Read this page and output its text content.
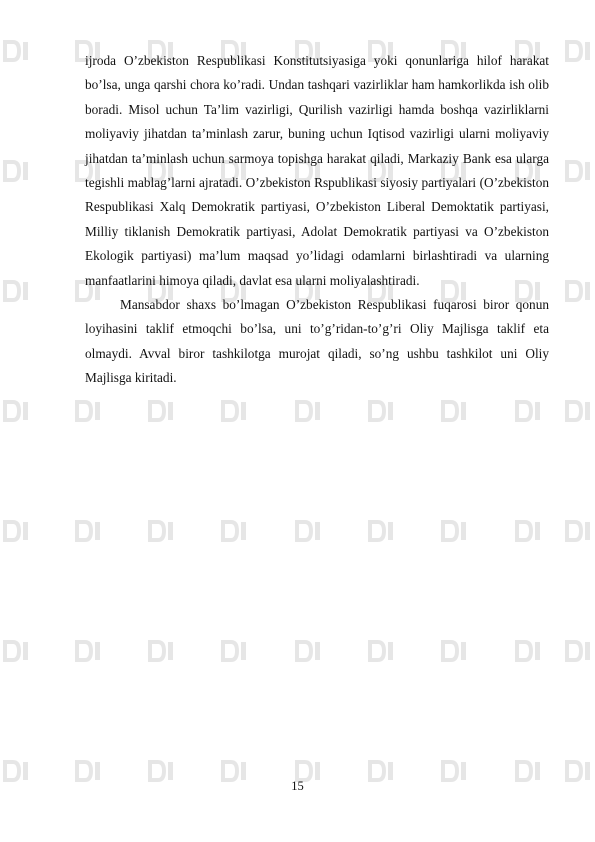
ijroda O’zbekiston Respublikasi Konstitutsiyasiga yoki qonunlariga hilof harakat bo’lsa, unga qarshi chora ko’radi. Undan tashqari vazirliklar ham hamkorlikda ish olib boradi. Misol uchun Ta’lim vazirligi, Qurilish vazirligi hamda boshqa vazirliklarni moliyaviy jihatdan ta’minlash zarur, buning uchun Iqtisod vazirligi ularni moliyaviy jihatdan ta’minlash uchun sarmoya topishga harakat qiladi, Markaziy Bank esa ularga tegishli mablag’larni ajratadi. O’zbekiston Rspublikasi siyosiy partiyalari (O’zbekiston Respublikasi Xalq Demokratik partiyasi, O’zbekiston Liberal Demoktatik partiyasi, Milliy tiklanish Demokratik partiyasi, Adolat Demokratik partiyasi va O’zbekiston Ekologik partiyasi) ma’lum maqsad yo’lidagi odamlarni birlashtiradi va ularning manfaatlarini himoya qiladi, davlat esa ularni moliyalashtiradi.

Mansabdor shaxs bo’lmagan O’zbekiston Respublikasi fuqarosi biror qonun loyihasini taklif etmoqchi bo’lsa, uni to’g’ridan-to’g’ri Oliy Majlisga taklif eta olmaydi. Avval biror tashkilotga murojat qiladi, so’ng ushbu tashkilot uni Oliy Majlisga kiritadi.

15
